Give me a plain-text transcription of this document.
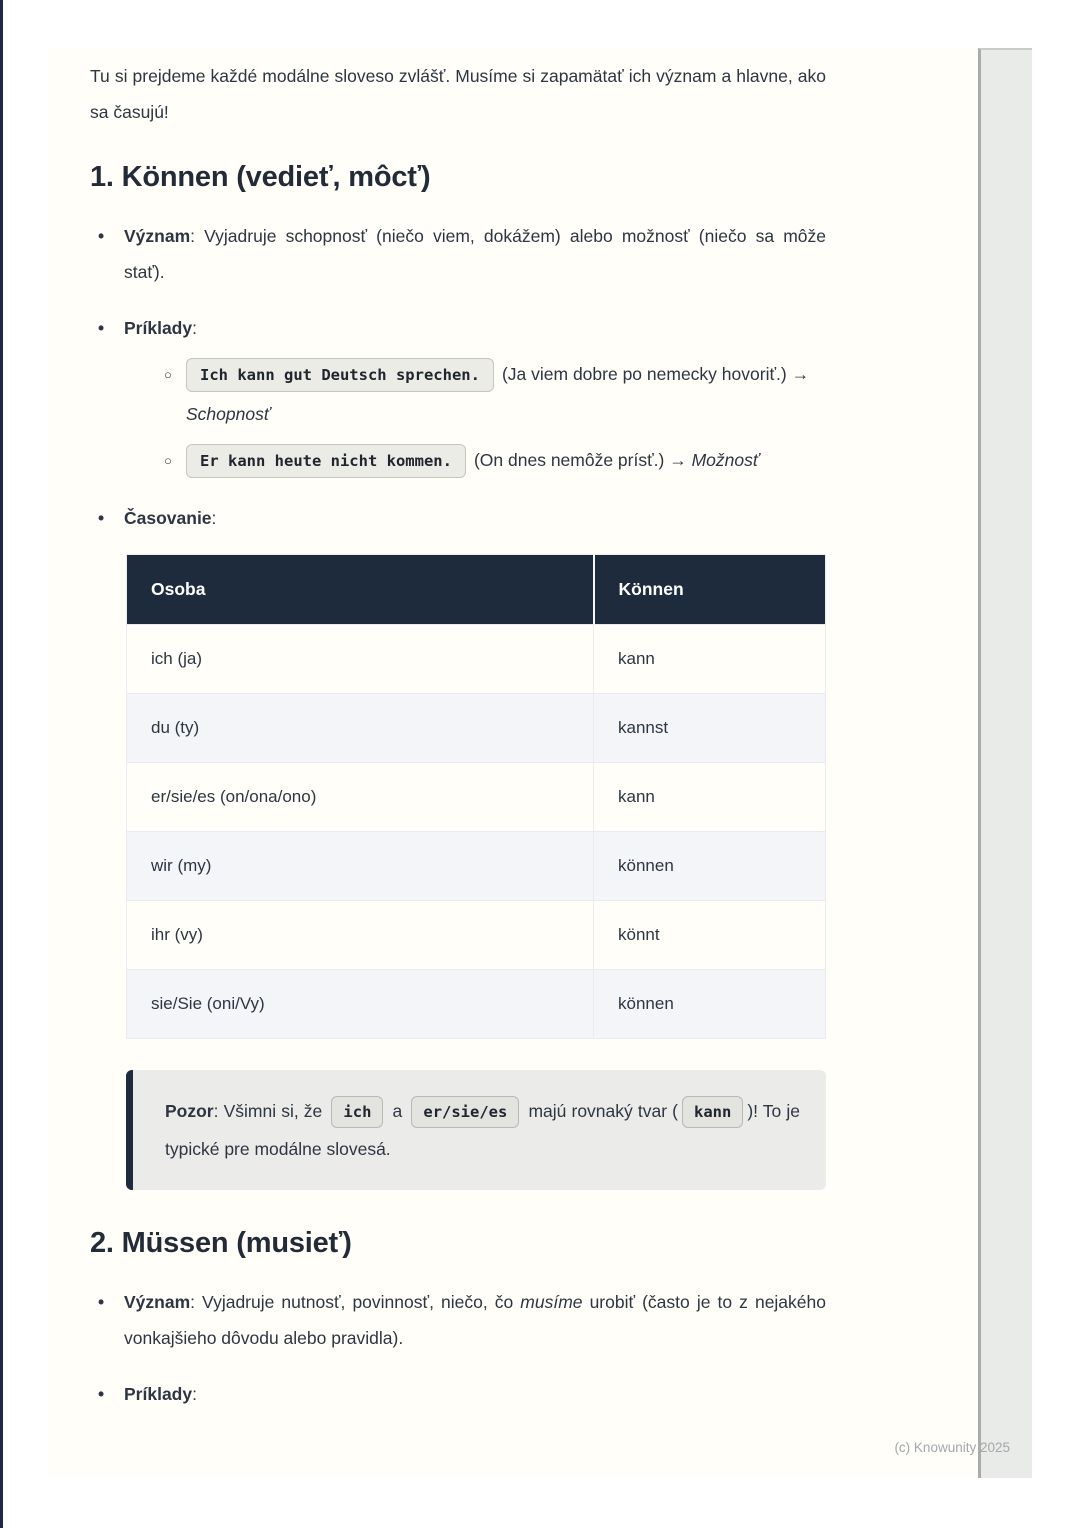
Tu si prejdeme každé modálne sloveso zvlášť. Musíme si zapamätať ich význam a hlavne, ako sa časujú!

1. Können (vedieť, môcť)
• Význam: Vyjadruje schopnosť (niečo viem, dokážem) alebo možnosť (niečo sa môže stať).
• Príklady:
○ Ich kann gut Deutsch sprechen. (Ja viem dobre po nemecky hovoriť.) → Schopnosť
○ Er kann heute nicht kommen. (On dnes nemôže prísť.) → Možnosť
• Časovanie:
Osoba	Können
ich (ja)	kann
du (ty)	kannst
er/sie/es (on/ona/ono)	kann
wir (my)	können
ihr (vy)	könnt
sie/Sie (oni/Vy)	können
Pozor: Všimni si, že ich a er/sie/es majú rovnaký tvar ( kann )! To je typické pre modálne slovesá.
2. Müssen (musieť)
• Význam: Vyjadruje nutnosť, povinnosť, niečo, čo musíme urobiť (často je to z nejakého vonkajšieho dôvodu alebo pravidla).
• Príklady:
(c) Knowunity 2025
